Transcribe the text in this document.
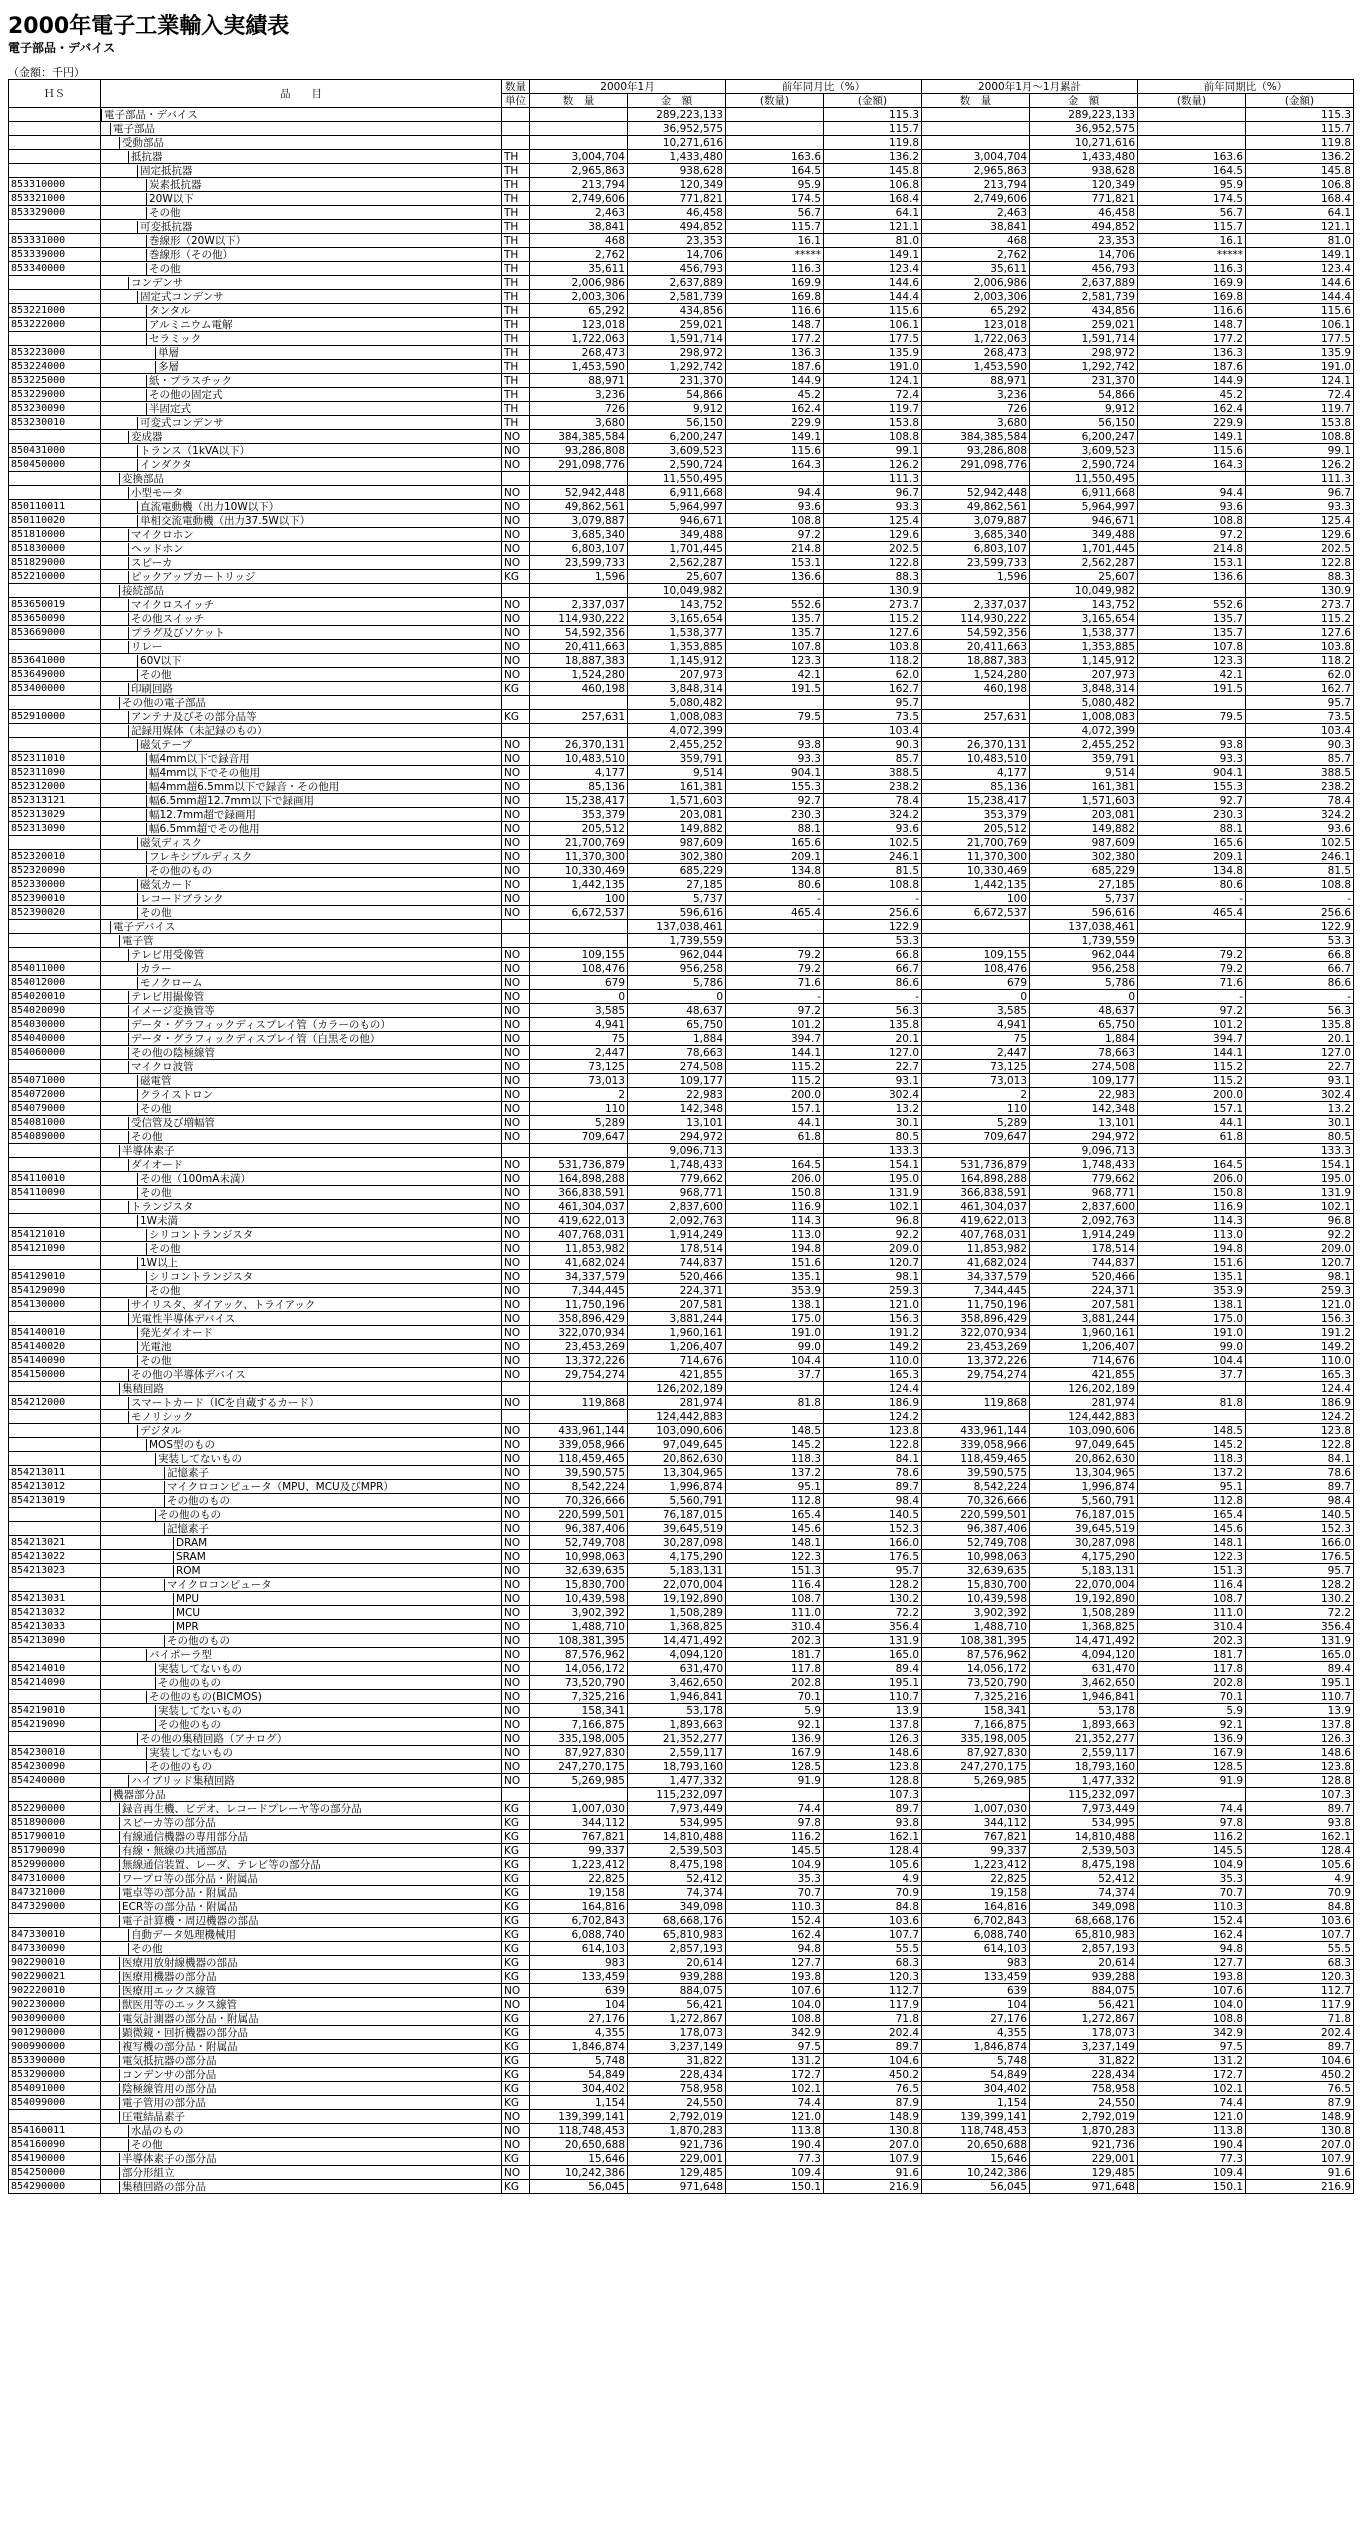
2000年電子工業輸入実績表
電子部品・デバイス
（金額：千円）
ＨＳ	品　　目	数量	2000年1月		前年同月比（%）		2000年1月～1月累計		前年同期比（%）	
		単位	数　量	金　額	(数量)	(金額)	数　量	金　額	(数量)	(金額)

	電子部品・デバイス			289,223,133		115.3		289,223,133		115.3

	電子部品			36,952,575		115.7		36,952,575		115.7

	受動部品			10,271,616		119.8		10,271,616		119.8

	抵抗器	TH	3,004,704	1,433,480	163.6	136.2	3,004,704	1,433,480	163.6	136.2

	固定抵抗器	TH	2,965,863	938,628	164.5	145.8	2,965,863	938,628	164.5	145.8
853310000	炭素抵抗器	TH	213,794	120,349	95.9	106.8	213,794	120,349	95.9	106.8
853321000	20W以下	TH	2,749,606	771,821	174.5	168.4	2,749,606	771,821	174.5	168.4
853329000	その他	TH	2,463	46,458	56.7	64.1	2,463	46,458	56.7	64.1

	可変抵抗器	TH	38,841	494,852	115.7	121.1	38,841	494,852	115.7	121.1
853331000	巻線形（20W以下）	TH	468	23,353	16.1	81.0	468	23,353	16.1	81.0
853339000	巻線形（その他）	TH	2,762	14,706	*****	149.1	2,762	14,706	*****	149.1
853340000	その他	TH	35,611	456,793	116.3	123.4	35,611	456,793	116.3	123.4

	コンデンサ	TH	2,006,986	2,637,889	169.9	144.6	2,006,986	2,637,889	169.9	144.6

	固定式コンデンサ	TH	2,003,306	2,581,739	169.8	144.4	2,003,306	2,581,739	169.8	144.4
853221000	タンタル	TH	65,292	434,856	116.6	115.6	65,292	434,856	116.6	115.6
853222000	アルミニウム電解	TH	123,018	259,021	148.7	106.1	123,018	259,021	148.7	106.1

	セラミック	TH	1,722,063	1,591,714	177.2	177.5	1,722,063	1,591,714	177.2	177.5
853223000	単層	TH	268,473	298,972	136.3	135.9	268,473	298,972	136.3	135.9
853224000	多層	TH	1,453,590	1,292,742	187.6	191.0	1,453,590	1,292,742	187.6	191.0
853225000	紙・プラスチック	TH	88,971	231,370	144.9	124.1	88,971	231,370	144.9	124.1
853229000	その他の固定式	TH	3,236	54,866	45.2	72.4	3,236	54,866	45.2	72.4
853230090	半固定式	TH	726	9,912	162.4	119.7	726	9,912	162.4	119.7
853230010	可変式コンデンサ	TH	3,680	56,150	229.9	153.8	3,680	56,150	229.9	153.8

	変成器	NO	384,385,584	6,200,247	149.1	108.8	384,385,584	6,200,247	149.1	108.8
850431000	トランス（1kVA以下）	NO	93,286,808	3,609,523	115.6	99.1	93,286,808	3,609,523	115.6	99.1
850450000	インダクタ	NO	291,098,776	2,590,724	164.3	126.2	291,098,776	2,590,724	164.3	126.2

	変換部品			11,550,495		111.3		11,550,495		111.3

	小型モータ	NO	52,942,448	6,911,668	94.4	96.7	52,942,448	6,911,668	94.4	96.7
850110011	直流電動機（出力10W以下）	NO	49,862,561	5,964,997	93.6	93.3	49,862,561	5,964,997	93.6	93.3
850110020	単相交流電動機（出力37.5W以下）	NO	3,079,887	946,671	108.8	125.4	3,079,887	946,671	108.8	125.4
851810000	マイクロホン	NO	3,685,340	349,488	97.2	129.6	3,685,340	349,488	97.2	129.6
851830000	ヘッドホン	NO	6,803,107	1,701,445	214.8	202.5	6,803,107	1,701,445	214.8	202.5
851829000	スピーカ	NO	23,599,733	2,562,287	153.1	122.8	23,599,733	2,562,287	153.1	122.8
852210000	ピックアップカートリッジ	KG	1,596	25,607	136.6	88.3	1,596	25,607	136.6	88.3

	接続部品			10,049,982		130.9		10,049,982		130.9
853650019	マイクロスイッチ	NO	2,337,037	143,752	552.6	273.7	2,337,037	143,752	552.6	273.7
853650090	その他スイッチ	NO	114,930,222	3,165,654	135.7	115.2	114,930,222	3,165,654	135.7	115.2
853669000	プラグ及びソケット	NO	54,592,356	1,538,377	135.7	127.6	54,592,356	1,538,377	135.7	127.6

	リレー	NO	20,411,663	1,353,885	107.8	103.8	20,411,663	1,353,885	107.8	103.8
853641000	60V以下	NO	18,887,383	1,145,912	123.3	118.2	18,887,383	1,145,912	123.3	118.2
853649000	その他	NO	1,524,280	207,973	42.1	62.0	1,524,280	207,973	42.1	62.0
853400000	印刷回路	KG	460,198	3,848,314	191.5	162.7	460,198	3,848,314	191.5	162.7

	その他の電子部品			5,080,482		95.7		5,080,482		95.7
852910000	アンテナ及びその部分品等	KG	257,631	1,008,083	79.5	73.5	257,631	1,008,083	79.5	73.5

	記録用媒体（未記録のもの）			4,072,399		103.4		4,072,399		103.4

	磁気テープ	NO	26,370,131	2,455,252	93.8	90.3	26,370,131	2,455,252	93.8	90.3
852311010	幅4mm以下で録音用	NO	10,483,510	359,791	93.3	85.7	10,483,510	359,791	93.3	85.7
852311090	幅4mm以下でその他用	NO	4,177	9,514	904.1	388.5	4,177	9,514	904.1	388.5
852312000	幅4mm超6.5mm以下で録音・その他用	NO	85,136	161,381	155.3	238.2	85,136	161,381	155.3	238.2
852313121	幅6.5mm超12.7mm以下で録画用	NO	15,238,417	1,571,603	92.7	78.4	15,238,417	1,571,603	92.7	78.4
852313029	幅12.7mm超で録画用	NO	353,379	203,081	230.3	324.2	353,379	203,081	230.3	324.2
852313090	幅6.5mm超でその他用	NO	205,512	149,882	88.1	93.6	205,512	149,882	88.1	93.6

	磁気ディスク	NO	21,700,769	987,609	165.6	102.5	21,700,769	987,609	165.6	102.5
852320010	フレキシブルディスク	NO	11,370,300	302,380	209.1	246.1	11,370,300	302,380	209.1	246.1
852320090	その他のもの	NO	10,330,469	685,229	134.8	81.5	10,330,469	685,229	134.8	81.5
852330000	磁気カード	NO	1,442,135	27,185	80.6	108.8	1,442,135	27,185	80.6	108.8
852390010	レコードブランク	NO	100	5,737	-	-	100	5,737	-	-
852390020	その他	NO	6,672,537	596,616	465.4	256.6	6,672,537	596,616	465.4	256.6

	電子デバイス			137,038,461		122.9		137,038,461		122.9

	電子管			1,739,559		53.3		1,739,559		53.3

	テレビ用受像管	NO	109,155	962,044	79.2	66.8	109,155	962,044	79.2	66.8
854011000	カラー	NO	108,476	956,258	79.2	66.7	108,476	956,258	79.2	66.7
854012000	モノクローム	NO	679	5,786	71.6	86.6	679	5,786	71.6	86.6
854020010	テレビ用撮像管	NO	0	0	-	-	0	0	-	-
854020090	イメージ変換管等	NO	3,585	48,637	97.2	56.3	3,585	48,637	97.2	56.3
854030000	データ・グラフィックディスプレイ管（カラーのもの）	NO	4,941	65,750	101.2	135.8	4,941	65,750	101.2	135.8
854040000	データ・グラフィックディスプレイ管（白黒その他）	NO	75	1,884	394.7	20.1	75	1,884	394.7	20.1
854060000	その他の陰極線管	NO	2,447	78,663	144.1	127.0	2,447	78,663	144.1	127.0

	マイクロ波管	NO	73,125	274,508	115.2	22.7	73,125	274,508	115.2	22.7
854071000	磁電管	NO	73,013	109,177	115.2	93.1	73,013	109,177	115.2	93.1
854072000	クライストロン	NO	2	22,983	200.0	302.4	2	22,983	200.0	302.4
854079000	その他	NO	110	142,348	157.1	13.2	110	142,348	157.1	13.2
854081000	受信管及び増幅管	NO	5,289	13,101	44.1	30.1	5,289	13,101	44.1	30.1
854089000	その他	NO	709,647	294,972	61.8	80.5	709,647	294,972	61.8	80.5

	半導体素子			9,096,713		133.3		9,096,713		133.3

	ダイオード	NO	531,736,879	1,748,433	164.5	154.1	531,736,879	1,748,433	164.5	154.1
854110010	その他（100mA未満）	NO	164,898,288	779,662	206.0	195.0	164,898,288	779,662	206.0	195.0
854110090	その他	NO	366,838,591	968,771	150.8	131.9	366,838,591	968,771	150.8	131.9

	トランジスタ	NO	461,304,037	2,837,600	116.9	102.1	461,304,037	2,837,600	116.9	102.1

	1W未満	NO	419,622,013	2,092,763	114.3	96.8	419,622,013	2,092,763	114.3	96.8
854121010	シリコントランジスタ	NO	407,768,031	1,914,249	113.0	92.2	407,768,031	1,914,249	113.0	92.2
854121090	その他	NO	11,853,982	178,514	194.8	209.0	11,853,982	178,514	194.8	209.0

	1W以上	NO	41,682,024	744,837	151.6	120.7	41,682,024	744,837	151.6	120.7
854129010	シリコントランジスタ	NO	34,337,579	520,466	135.1	98.1	34,337,579	520,466	135.1	98.1
854129090	その他	NO	7,344,445	224,371	353.9	259.3	7,344,445	224,371	353.9	259.3
854130000	サイリスタ、ダイアック、トライアック	NO	11,750,196	207,581	138.1	121.0	11,750,196	207,581	138.1	121.0

	光電性半導体デバイス	NO	358,896,429	3,881,244	175.0	156.3	358,896,429	3,881,244	175.0	156.3
854140010	発光ダイオード	NO	322,070,934	1,960,161	191.0	191.2	322,070,934	1,960,161	191.0	191.2
854140020	光電池	NO	23,453,269	1,206,407	99.0	149.2	23,453,269	1,206,407	99.0	149.2
854140090	その他	NO	13,372,226	714,676	104.4	110.0	13,372,226	714,676	104.4	110.0
854150000	その他の半導体デバイス	NO	29,754,274	421,855	37.7	165.3	29,754,274	421,855	37.7	165.3

	集積回路			126,202,189		124.4		126,202,189		124.4
854212000	スマートカード（ICを自蔵するカード）	NO	119,868	281,974	81.8	186.9	119,868	281,974	81.8	186.9

	モノリシック			124,442,883		124.2		124,442,883		124.2

	デジタル	NO	433,961,144	103,090,606	148.5	123.8	433,961,144	103,090,606	148.5	123.8

	MOS型のもの	NO	339,058,966	97,049,645	145.2	122.8	339,058,966	97,049,645	145.2	122.8

	実装してないもの	NO	118,459,465	20,862,630	118.3	84.1	118,459,465	20,862,630	118.3	84.1
854213011	記憶素子	NO	39,590,575	13,304,965	137.2	78.6	39,590,575	13,304,965	137.2	78.6
854213012	マイクロコンピュータ（MPU、MCU及びMPR）	NO	8,542,224	1,996,874	95.1	89.7	8,542,224	1,996,874	95.1	89.7
854213019	その他のもの	NO	70,326,666	5,560,791	112.8	98.4	70,326,666	5,560,791	112.8	98.4

	その他のもの	NO	220,599,501	76,187,015	165.4	140.5	220,599,501	76,187,015	165.4	140.5

	記憶素子	NO	96,387,406	39,645,519	145.6	152.3	96,387,406	39,645,519	145.6	152.3
854213021	DRAM	NO	52,749,708	30,287,098	148.1	166.0	52,749,708	30,287,098	148.1	166.0
854213022	SRAM	NO	10,998,063	4,175,290	122.3	176.5	10,998,063	4,175,290	122.3	176.5
854213023	ROM	NO	32,639,635	5,183,131	151.3	95.7	32,639,635	5,183,131	151.3	95.7

	マイクロコンピュータ	NO	15,830,700	22,070,004	116.4	128.2	15,830,700	22,070,004	116.4	128.2
854213031	MPU	NO	10,439,598	19,192,890	108.7	130.2	10,439,598	19,192,890	108.7	130.2
854213032	MCU	NO	3,902,392	1,508,289	111.0	72.2	3,902,392	1,508,289	111.0	72.2
854213033	MPR	NO	1,488,710	1,368,825	310.4	356.4	1,488,710	1,368,825	310.4	356.4
854213090	その他のもの	NO	108,381,395	14,471,492	202.3	131.9	108,381,395	14,471,492	202.3	131.9

	バイポーラ型	NO	87,576,962	4,094,120	181.7	165.0	87,576,962	4,094,120	181.7	165.0
854214010	実装してないもの	NO	14,056,172	631,470	117.8	89.4	14,056,172	631,470	117.8	89.4
854214090	その他のもの	NO	73,520,790	3,462,650	202.8	195.1	73,520,790	3,462,650	202.8	195.1

	その他のもの(BICMOS)	NO	7,325,216	1,946,841	70.1	110.7	7,325,216	1,946,841	70.1	110.7
854219010	実装してないもの	NO	158,341	53,178	5.9	13.9	158,341	53,178	5.9	13.9
854219090	その他のもの	NO	7,166,875	1,893,663	92.1	137.8	7,166,875	1,893,663	92.1	137.8

	その他の集積回路（アナログ）	NO	335,198,005	21,352,277	136.9	126.3	335,198,005	21,352,277	136.9	126.3
854230010	実装してないもの	NO	87,927,830	2,559,117	167.9	148.6	87,927,830	2,559,117	167.9	148.6
854230090	その他のもの	NO	247,270,175	18,793,160	128.5	123.8	247,270,175	18,793,160	128.5	123.8
854240000	ハイブリッド集積回路	NO	5,269,985	1,477,332	91.9	128.8	5,269,985	1,477,332	91.9	128.8

	機器部分品			115,232,097		107.3		115,232,097		107.3
852290000	録音再生機、ビデオ、レコードプレーヤ等の部分品	KG	1,007,030	7,973,449	74.4	89.7	1,007,030	7,973,449	74.4	89.7
851890000	スピーカ等の部分品	KG	344,112	534,995	97.8	93.8	344,112	534,995	97.8	93.8
851790010	有線通信機器の専用部分品	KG	767,821	14,810,488	116.2	162.1	767,821	14,810,488	116.2	162.1
851790090	有線・無線の共通部品	KG	99,337	2,539,503	145.5	128.4	99,337	2,539,503	145.5	128.4
852990000	無線通信装置、レーダ、テレビ等の部分品	KG	1,223,412	8,475,198	104.9	105.6	1,223,412	8,475,198	104.9	105.6
847310000	ワープロ等の部分品・附属品	KG	22,825	52,412	35.3	4.9	22,825	52,412	35.3	4.9
847321000	電卓等の部分品・附属品	KG	19,158	74,374	70.7	70.9	19,158	74,374	70.7	70.9
847329000	ECR等の部分品・附属品	KG	164,816	349,098	110.3	84.8	164,816	349,098	110.3	84.8

	電子計算機・周辺機器の部品	KG	6,702,843	68,668,176	152.4	103.6	6,702,843	68,668,176	152.4	103.6
847330010	自動データ処理機械用	KG	6,088,740	65,810,983	162.4	107.7	6,088,740	65,810,983	162.4	107.7
847330090	その他	KG	614,103	2,857,193	94.8	55.5	614,103	2,857,193	94.8	55.5
902290010	医療用放射線機器の部品	KG	983	20,614	127.7	68.3	983	20,614	127.7	68.3
902290021	医療用機器の部分品	KG	133,459	939,288	193.8	120.3	133,459	939,288	193.8	120.3
902220010	医療用エックス線管	NO	639	884,075	107.6	112.7	639	884,075	107.6	112.7
902230000	獣医用等のエックス線管	NO	104	56,421	104.0	117.9	104	56,421	104.0	117.9
903090000	電気計測器の部分品・附属品	KG	27,176	1,272,867	108.8	71.8	27,176	1,272,867	108.8	71.8
901290000	顕微鏡・回折機器の部分品	KG	4,355	178,073	342.9	202.4	4,355	178,073	342.9	202.4
900990000	複写機の部分品・附属品	KG	1,846,874	3,237,149	97.5	89.7	1,846,874	3,237,149	97.5	89.7
853390000	電気抵抗器の部分品	KG	5,748	31,822	131.2	104.6	5,748	31,822	131.2	104.6
853290000	コンデンサの部分品	KG	54,849	228,434	172.7	450.2	54,849	228,434	172.7	450.2
854091000	陰極線管用の部分品	KG	304,402	758,958	102.1	76.5	304,402	758,958	102.1	76.5
854099000	電子管用の部分品	KG	1,154	24,550	74.4	87.9	1,154	24,550	74.4	87.9

	圧電結晶素子	NO	139,399,141	2,792,019	121.0	148.9	139,399,141	2,792,019	121.0	148.9
854160011	水晶のもの	NO	118,748,453	1,870,283	113.8	130.8	118,748,453	1,870,283	113.8	130.8
854160090	その他	NO	20,650,688	921,736	190.4	207.0	20,650,688	921,736	190.4	207.0
854190000	半導体素子の部分品	KG	15,646	229,001	77.3	107.9	15,646	229,001	77.3	107.9
854250000	部分形組立	NO	10,242,386	129,485	109.4	91.6	10,242,386	129,485	109.4	91.6
854290000	集積回路の部分品	KG	56,045	971,648	150.1	216.9	56,045	971,648	150.1	216.9
